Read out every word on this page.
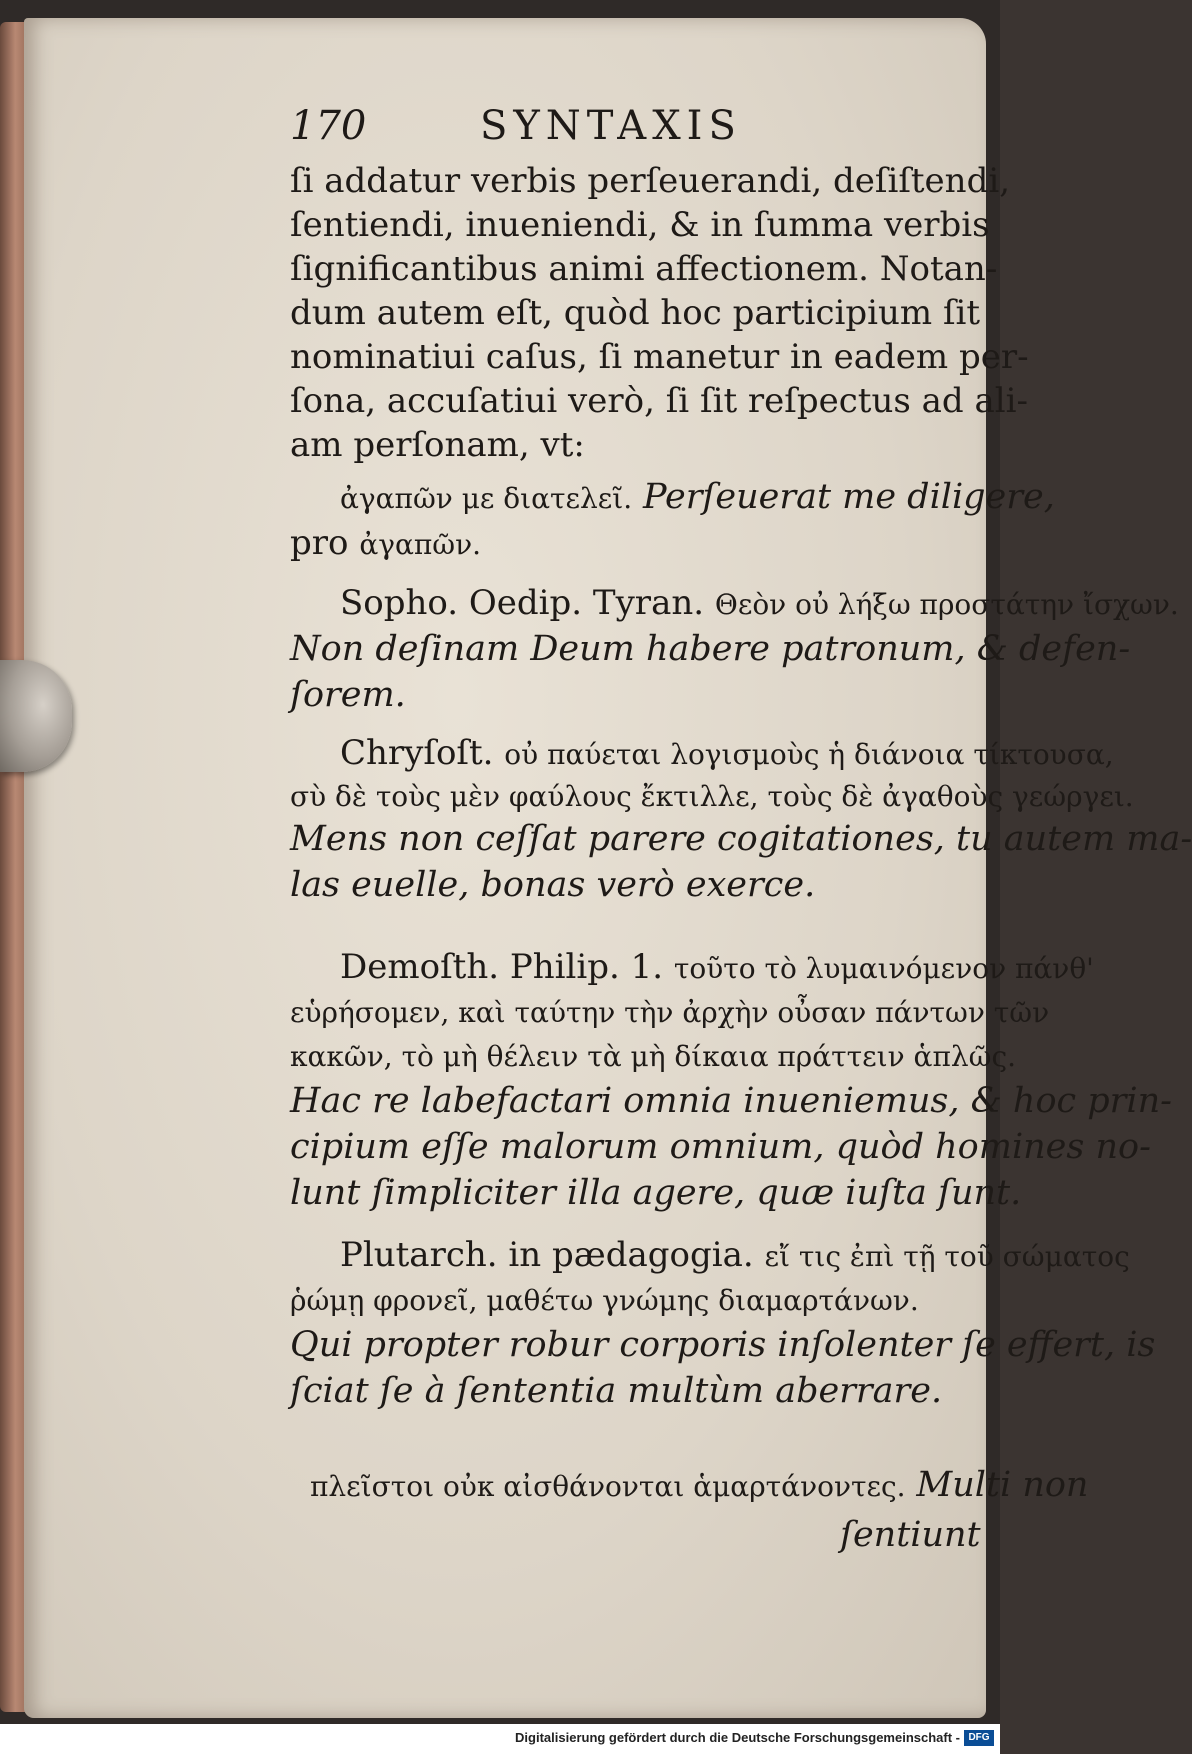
170	SYNTAXIS
ſi addatur verbis perſeuerandi, deſiſtendi,
ſentiendi, inueniendi, & in ſumma verbis
ſignificantibus animi affectionem. Notan-
dum autem eſt, quòd hoc participium ſit
nominatiui caſus, ſi manetur in eadem per-
ſona, accuſatiui verò, ſi ſit reſpectus ad ali-
am perſonam, vt:
ἀγαπῶν με διατελεῖ. Perſeuerat me diligere,
pro ἀγαπῶν.
Sopho. Oedip. Tyran. Θεὸν οὐ λήξω προστάτην ἴσχων.
Non deſinam Deum habere patronum, & defen-
ſorem.
Chryſoſt. οὐ παύεται λογισμοὺς ἡ διάνοια τίκτουσα,
σὺ δὲ τοὺς μὲν φαύλους ἔκτιλλε, τοὺς δὲ ἀγαθοὺς γεώργει.
Mens non ceſſat parere cogitationes, tu autem ma-
las euelle, bonas verò exerce.
Demoſth. Philip. 1. τοῦτο τὸ λυμαινόμενον πάνθ'
εὑρήσομεν, καὶ ταύτην τὴν ἀρχὴν οὖσαν πάντων τῶν
κακῶν, τὸ μὴ θέλειν τὰ μὴ δίκαια πράττειν ἁπλῶς.
Hac re labefactari omnia inueniemus, & hoc prin-
cipium eſſe malorum omnium, quòd homines no-
lunt ſimpliciter illa agere, quæ iuſta ſunt.
Plutarch. in pædagogia. εἴ τις ἐπὶ τῇ τοῦ σώματος
ῥώμῃ φρονεῖ, μαθέτω γνώμης διαμαρτάνων.
Qui propter robur corporis inſolenter ſe effert, is
ſciat ſe à ſententia multùm aberrare.
πλεῖστοι οὐκ αἰσθάνονται ἁμαρτάνοντες. Multi non
ſentiunt
Digitalisierung gefördert durch die Deutsche Forschungsgemeinschaft - DFG
